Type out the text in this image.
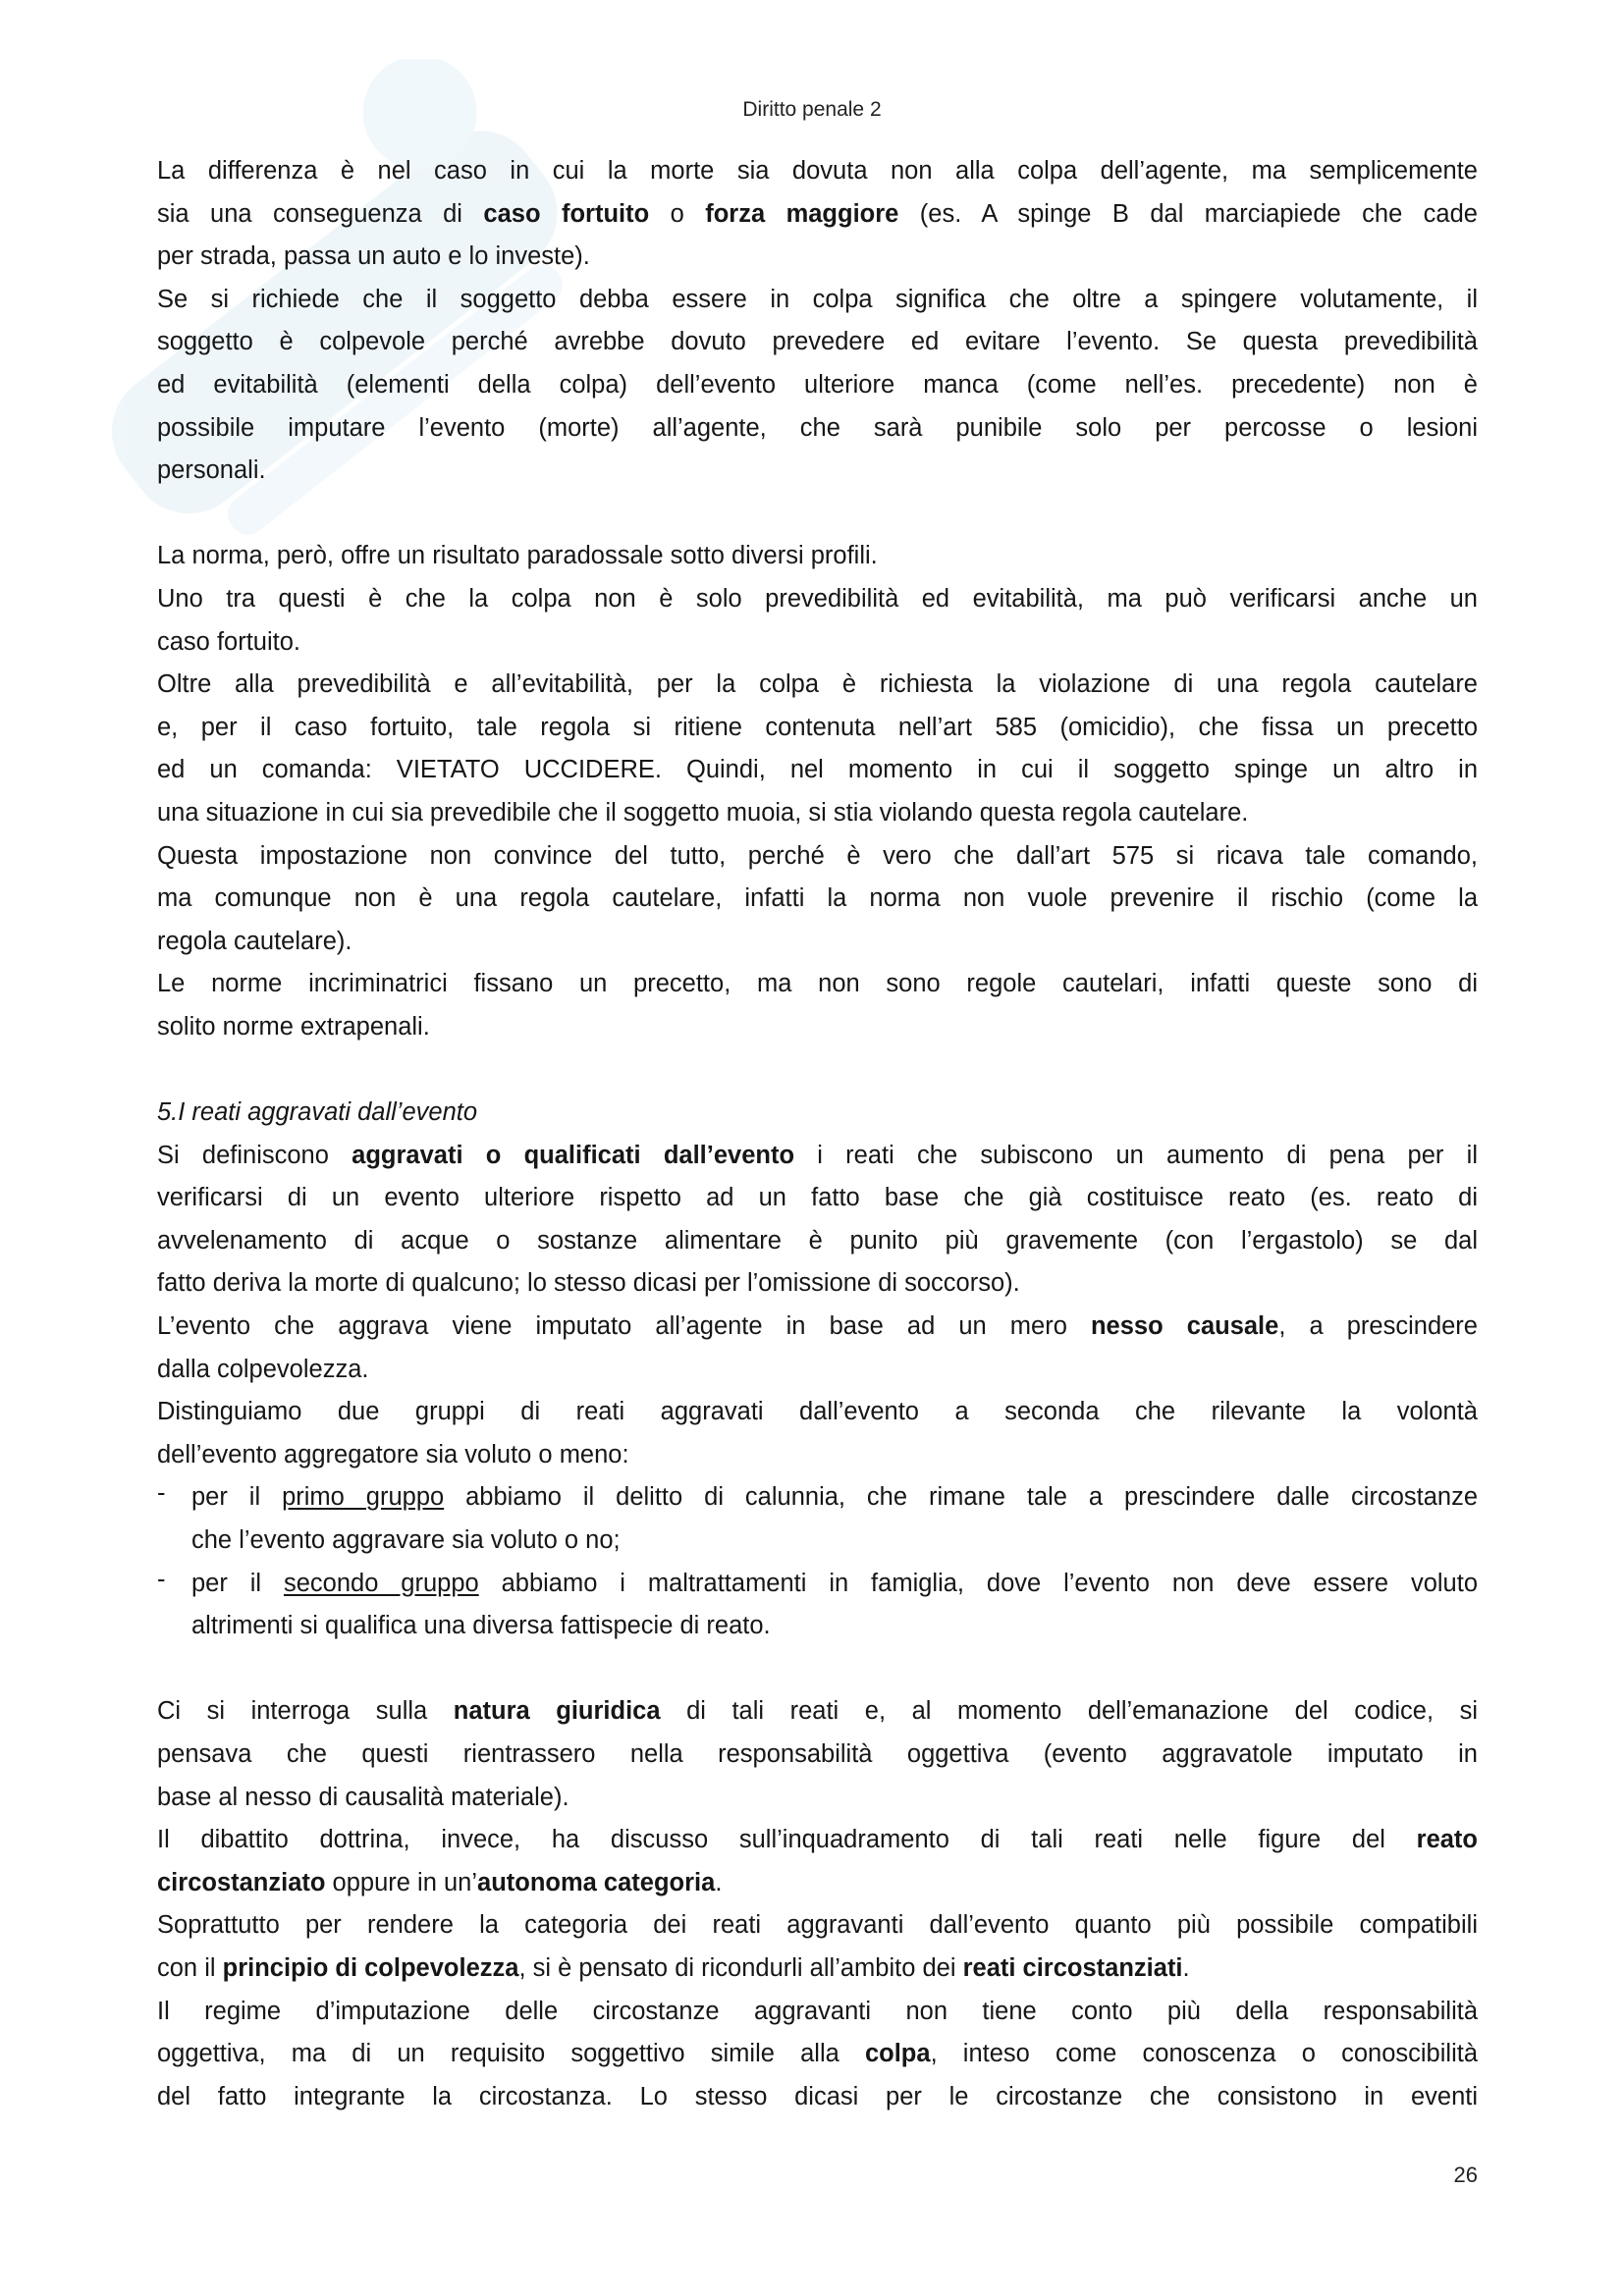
Diritto penale 2
La differenza è nel caso in cui la morte sia dovuta non alla colpa dell’agente, ma semplicemente
sia una conseguenza di caso fortuito o forza maggiore (es. A spinge B dal marciapiede che cade
per strada, passa un auto e lo investe).
Se si richiede che il soggetto debba essere in colpa significa che oltre a spingere volutamente, il
soggetto è colpevole perché avrebbe dovuto prevedere ed evitare l’evento. Se questa prevedibilità
ed evitabilità (elementi della colpa) dell’evento ulteriore manca (come nell’es. precedente) non è
possibile imputare l’evento (morte) all’agente, che sarà punibile solo per percosse o lesioni
personali.
La norma, però, offre un risultato paradossale sotto diversi profili.
Uno tra questi è che la colpa non è solo prevedibilità ed evitabilità, ma può verificarsi anche un
caso fortuito.
Oltre alla prevedibilità e all’evitabilità, per la colpa è richiesta la violazione di una regola cautelare
e, per il caso fortuito, tale regola si ritiene contenuta nell’art 585 (omicidio), che fissa un precetto
ed un comanda: VIETATO UCCIDERE. Quindi, nel momento in cui il soggetto spinge un altro in
una situazione in cui sia prevedibile che il soggetto muoia, si stia violando questa regola cautelare.
Questa impostazione non convince del tutto, perché è vero che dall’art 575 si ricava tale comando,
ma comunque non è una regola cautelare, infatti la norma non vuole prevenire il rischio (come la
regola cautelare).
Le norme incriminatrici fissano un precetto, ma non sono regole cautelari, infatti queste sono di
solito norme extrapenali.
5.I reati aggravati dall’evento
Si definiscono aggravati o qualificati dall’evento i reati che subiscono un aumento di pena per il
verificarsi di un evento ulteriore rispetto ad un fatto base che già costituisce reato (es. reato di
avvelenamento di acque o sostanze alimentare è punito più gravemente (con l’ergastolo) se dal
fatto deriva la morte di qualcuno; lo stesso dicasi per l’omissione di soccorso).
L’evento che aggrava viene imputato all’agente in base ad un mero nesso causale, a prescindere
dalla colpevolezza.
Distinguiamo due gruppi di reati aggravati dall’evento a seconda che rilevante la volontà
dell’evento aggregatore sia voluto o meno:
- per il primo gruppo abbiamo il delitto di calunnia, che rimane tale a prescindere dalle circostanze
che l’evento aggravare sia voluto o no;
- per il secondo gruppo abbiamo i maltrattamenti in famiglia, dove l’evento non deve essere voluto
altrimenti si qualifica una diversa fattispecie di reato.
Ci si interroga sulla natura giuridica di tali reati e, al momento dell’emanazione del codice, si
pensava che questi rientrassero nella responsabilità oggettiva (evento aggravatole imputato in
base al nesso di causalità materiale).
Il dibattito dottrina, invece, ha discusso sull’inquadramento di tali reati nelle figure del reato
circostanziato oppure in un’autonoma categoria.
Soprattutto per rendere la categoria dei reati aggravanti dall’evento quanto più possibile compatibili
con il principio di colpevolezza, si è pensato di ricondurli all’ambito dei reati circostanziati.
Il regime d’imputazione delle circostanze aggravanti non tiene conto più della responsabilità
oggettiva, ma di un requisito soggettivo simile alla colpa, inteso come conoscenza o conoscibilità
del fatto integrante la circostanza. Lo stesso dicasi per le circostanze che consistono in eventi
26
